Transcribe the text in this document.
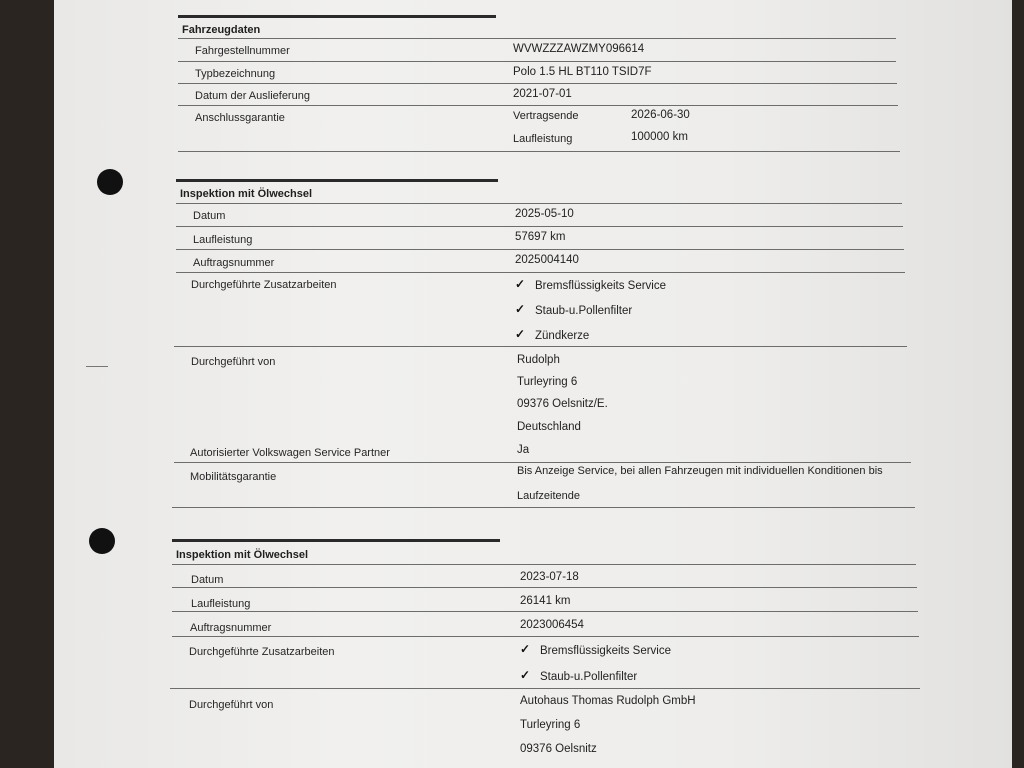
Fahrzeugdaten
Fahrgestellnummer	WVWZZZAWZMY096614
Typbezeichnung	Polo 1.5 HL BT110 TSID7F
Datum der Auslieferung	2021-07-01
Anschlussgarantie	Vertragsende	2026-06-30
Laufleistung	100000 km
Inspektion mit Ölwechsel
Datum	2025-05-10
Laufleistung	57697 km
Auftragsnummer	2025004140
Durchgeführte Zusatzarbeiten	✓ Bremsflüssigkeits Service
✓ Staub-u.Pollenfilter
✓ Zündkerze
Durchgeführt von	Rudolph
Turleyring 6
09376 Oelsnitz/E.
Deutschland
Autorisierter Volkswagen Service Partner	Ja
Mobilitätsgarantie	Bis Anzeige Service, bei allen Fahrzeugen mit individuellen Konditionen bis
Laufzeitende
Inspektion mit Ölwechsel
Datum	2023-07-18
Laufleistung	26141 km
Auftragsnummer	2023006454
Durchgeführte Zusatzarbeiten	✓ Bremsflüssigkeits Service
✓ Staub-u.Pollenfilter
Durchgeführt von	Autohaus Thomas Rudolph GmbH
Turleyring 6
09376 Oelsnitz
